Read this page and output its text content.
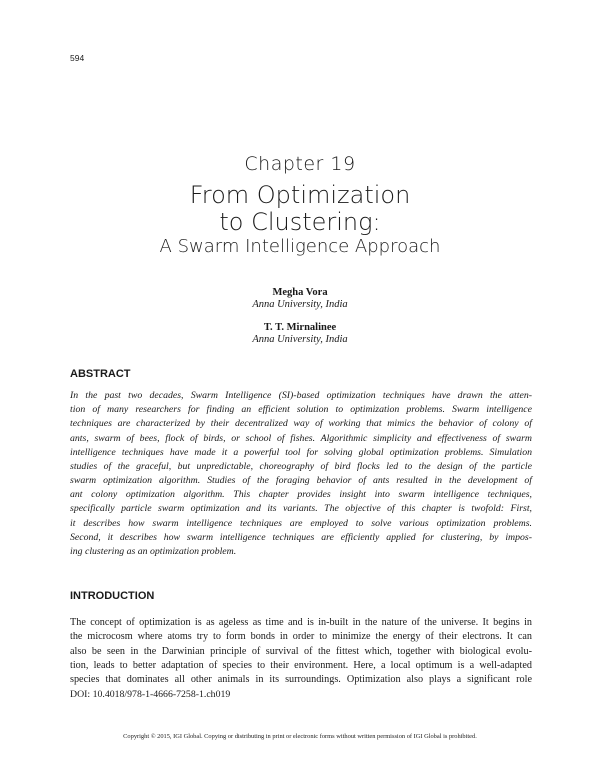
594
Chapter 19
From Optimization
to Clustering:
A Swarm Intelligence Approach
Megha Vora
Anna University, India
T. T. Mirnalinee
Anna University, India
ABSTRACT
In the past two decades, Swarm Intelligence (SI)-based optimization techniques have drawn the atten-
tion of many researchers for finding an efficient solution to optimization problems. Swarm intelligence
techniques are characterized by their decentralized way of working that mimics the behavior of colony of
ants, swarm of bees, flock of birds, or school of fishes. Algorithmic simplicity and effectiveness of swarm
intelligence techniques have made it a powerful tool for solving global optimization problems. Simulation
studies of the graceful, but unpredictable, choreography of bird flocks led to the design of the particle
swarm optimization algorithm. Studies of the foraging behavior of ants resulted in the development of
ant colony optimization algorithm. This chapter provides insight into swarm intelligence techniques,
specifically particle swarm optimization and its variants. The objective of this chapter is twofold: First,
it describes how swarm intelligence techniques are employed to solve various optimization problems.
Second, it describes how swarm intelligence techniques are efficiently applied for clustering, by impos-
ing clustering as an optimization problem.
INTRODUCTION
The concept of optimization is as ageless as time and is in-built in the nature of the universe. It begins in
the microcosm where atoms try to form bonds in order to minimize the energy of their electrons. It can
also be seen in the Darwinian principle of survival of the fittest which, together with biological evolu-
tion, leads to better adaptation of species to their environment. Here, a local optimum is a well-adapted
species that dominates all other animals in its surroundings. Optimization also plays a significant role
DOI: 10.4018/978-1-4666-7258-1.ch019
Copyright © 2015, IGI Global. Copying or distributing in print or electronic forms without written permission of IGI Global is prohibited.
